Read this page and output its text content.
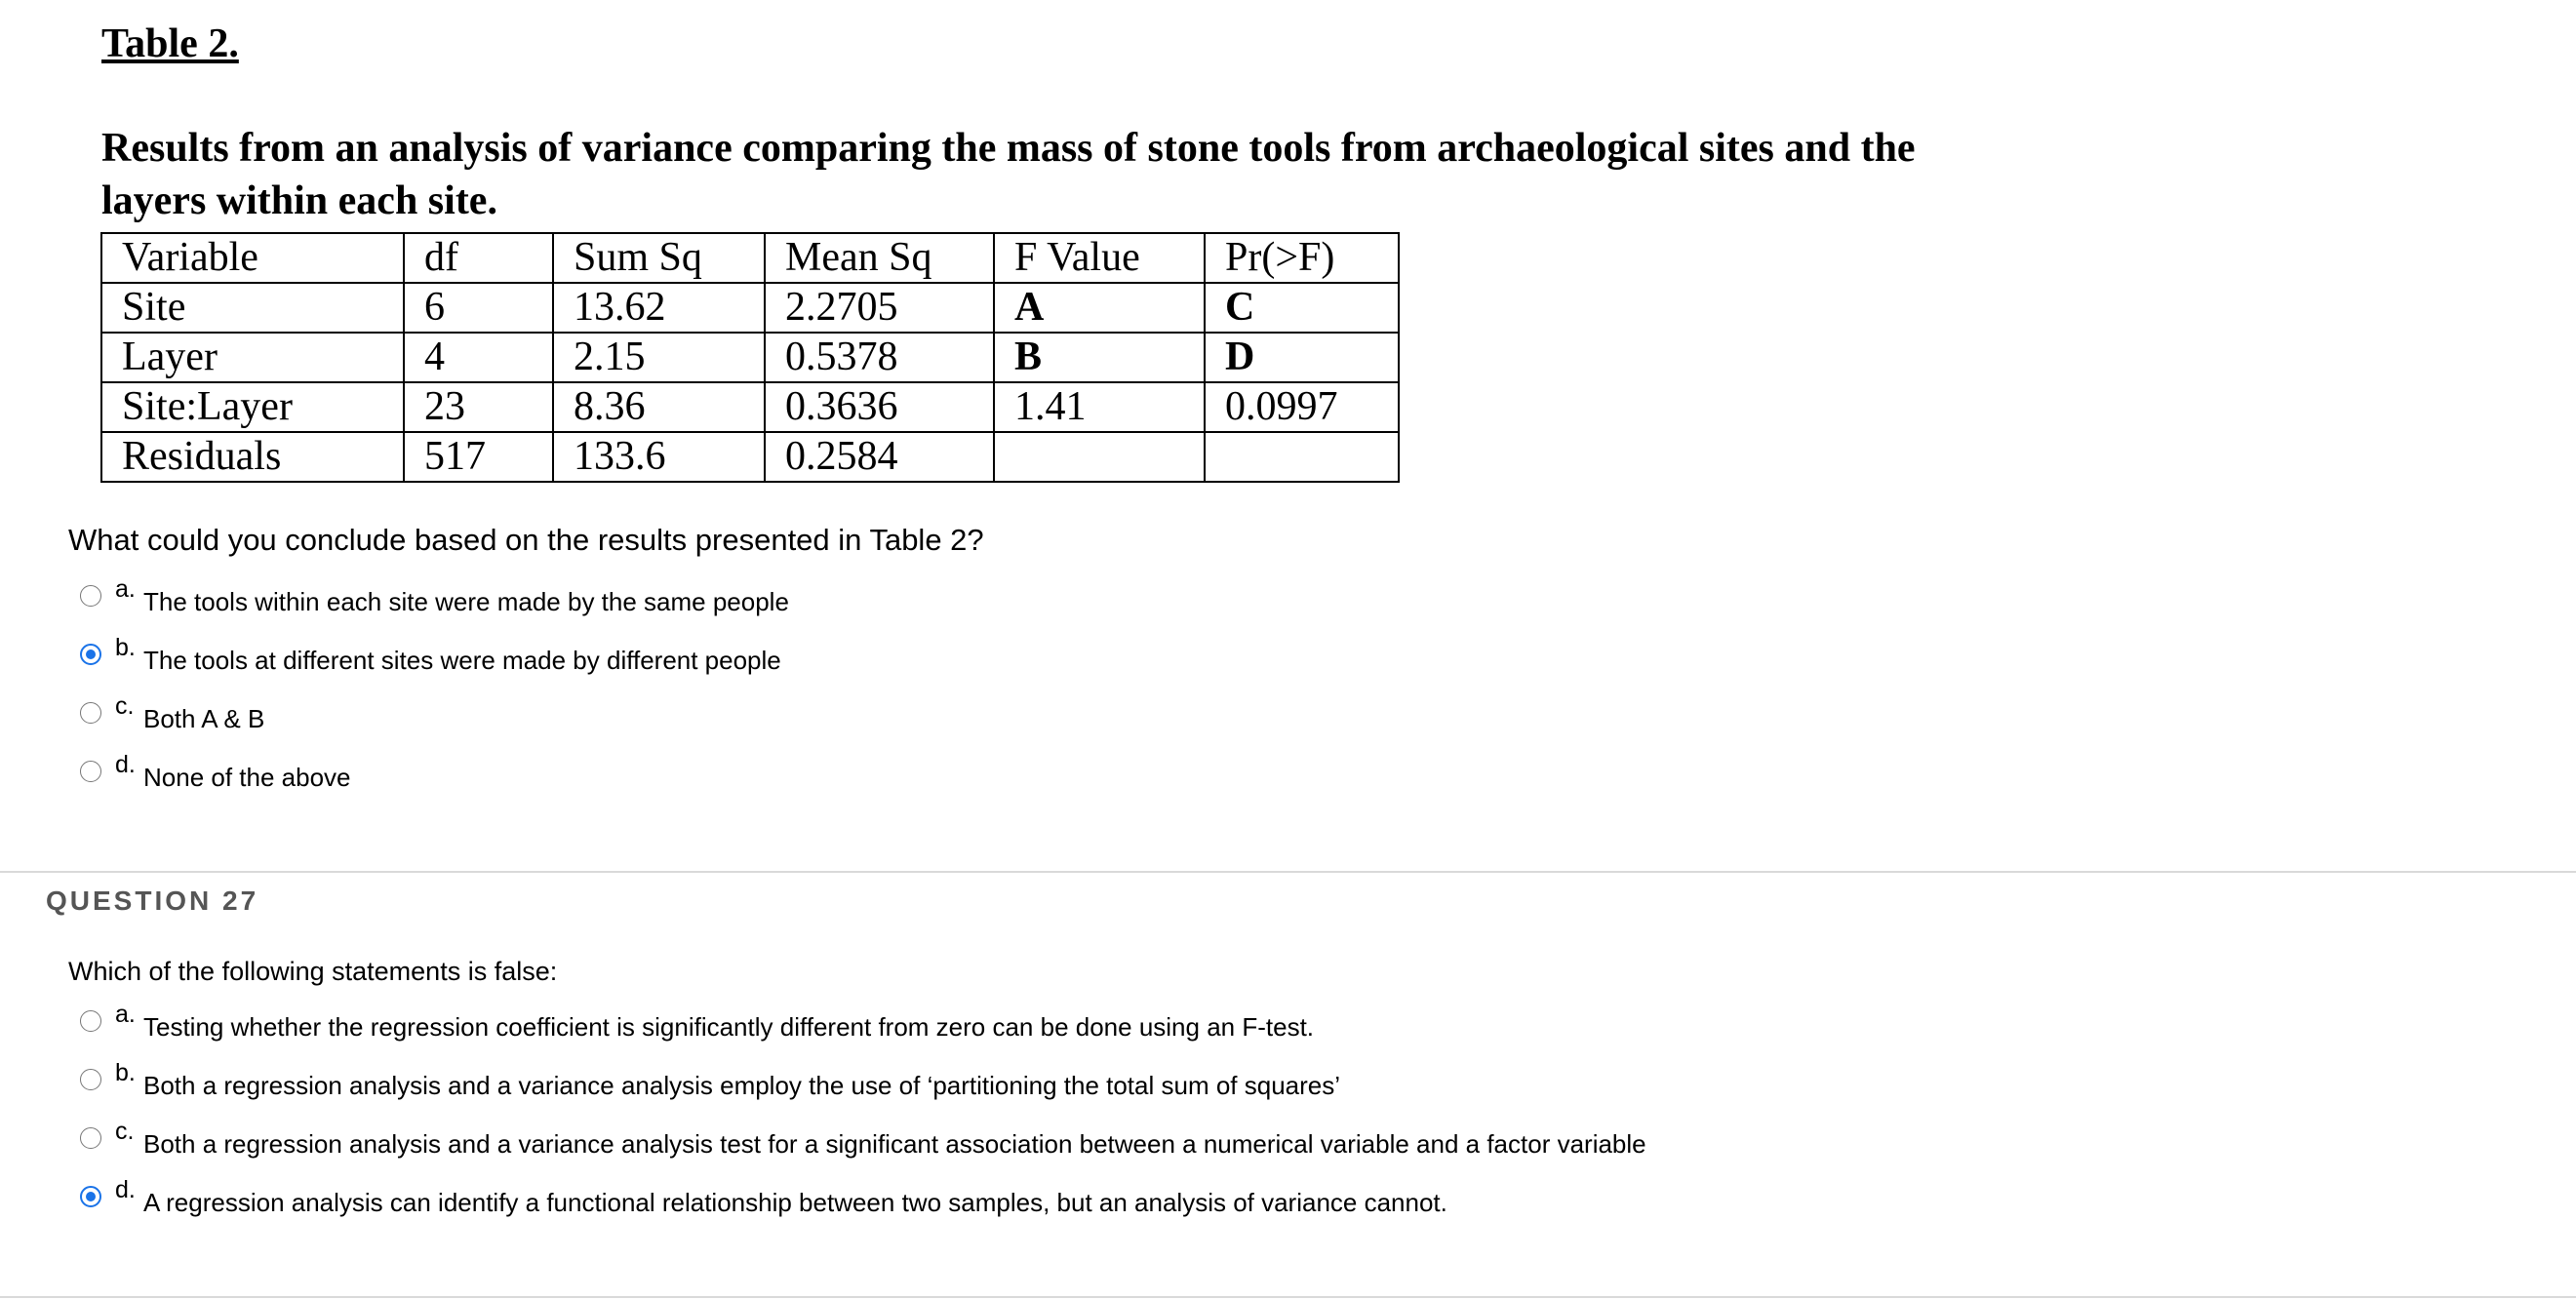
Table 2.
Results from an analysis of variance comparing the mass of stone tools from archaeological sites and the layers within each site.
Variable	df	Sum Sq	Mean Sq	F Value	Pr(>F)
Site	6	13.62	2.2705	A	C
Layer	4	2.15	0.5378	B	D
Site:Layer	23	8.36	0.3636	1.41	0.0997
Residuals	517	133.6	0.2584		
What could you conclude based on the results presented in Table 2?
a. The tools within each site were made by the same people
b. The tools at different sites were made by different people
c. Both A & B
d. None of the above
QUESTION 27
Which of the following statements is false:
a. Testing whether the regression coefficient is significantly different from zero can be done using an F-test.
b. Both a regression analysis and a variance analysis employ the use of ‘partitioning the total sum of squares’
c. Both a regression analysis and a variance analysis test for a significant association between a numerical variable and a factor variable
d. A regression analysis can identify a functional relationship between two samples, but an analysis of variance cannot.
